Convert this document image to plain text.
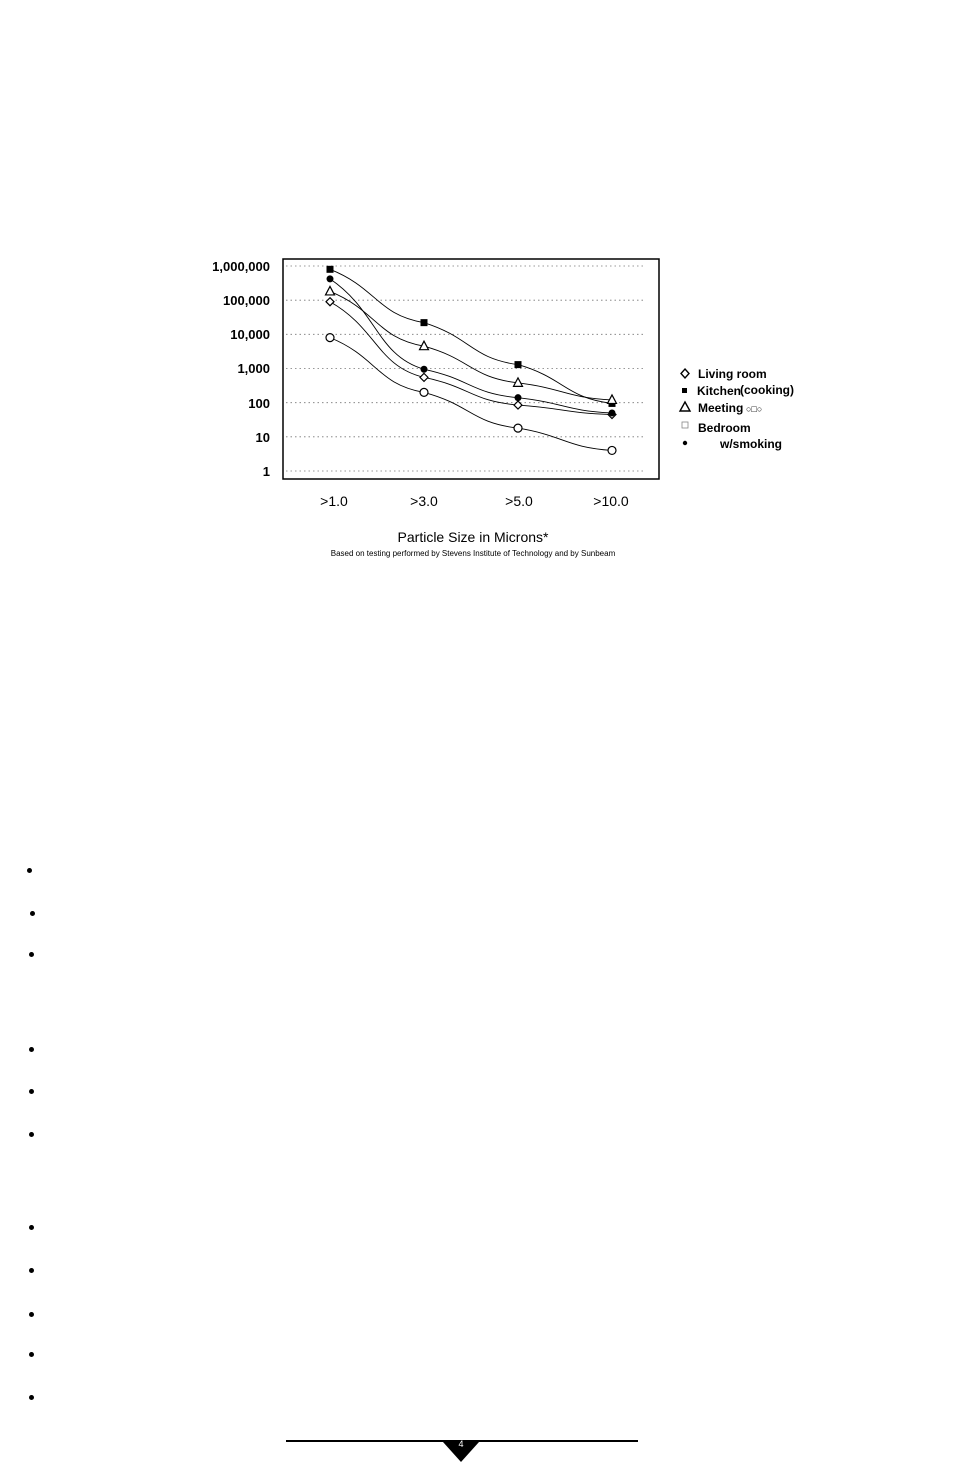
1,000,000
100,000
10,000
1,000
100
10
1
>1.0	>3.0	>5.0	>10.0
Particle Size in Microns*
Based on testing performed by Stevens Institute of Technology and by Sunbeam
Living room
Kitchen
(cooking)
Meeting ○□○
Bedroom
w/smoking
4
